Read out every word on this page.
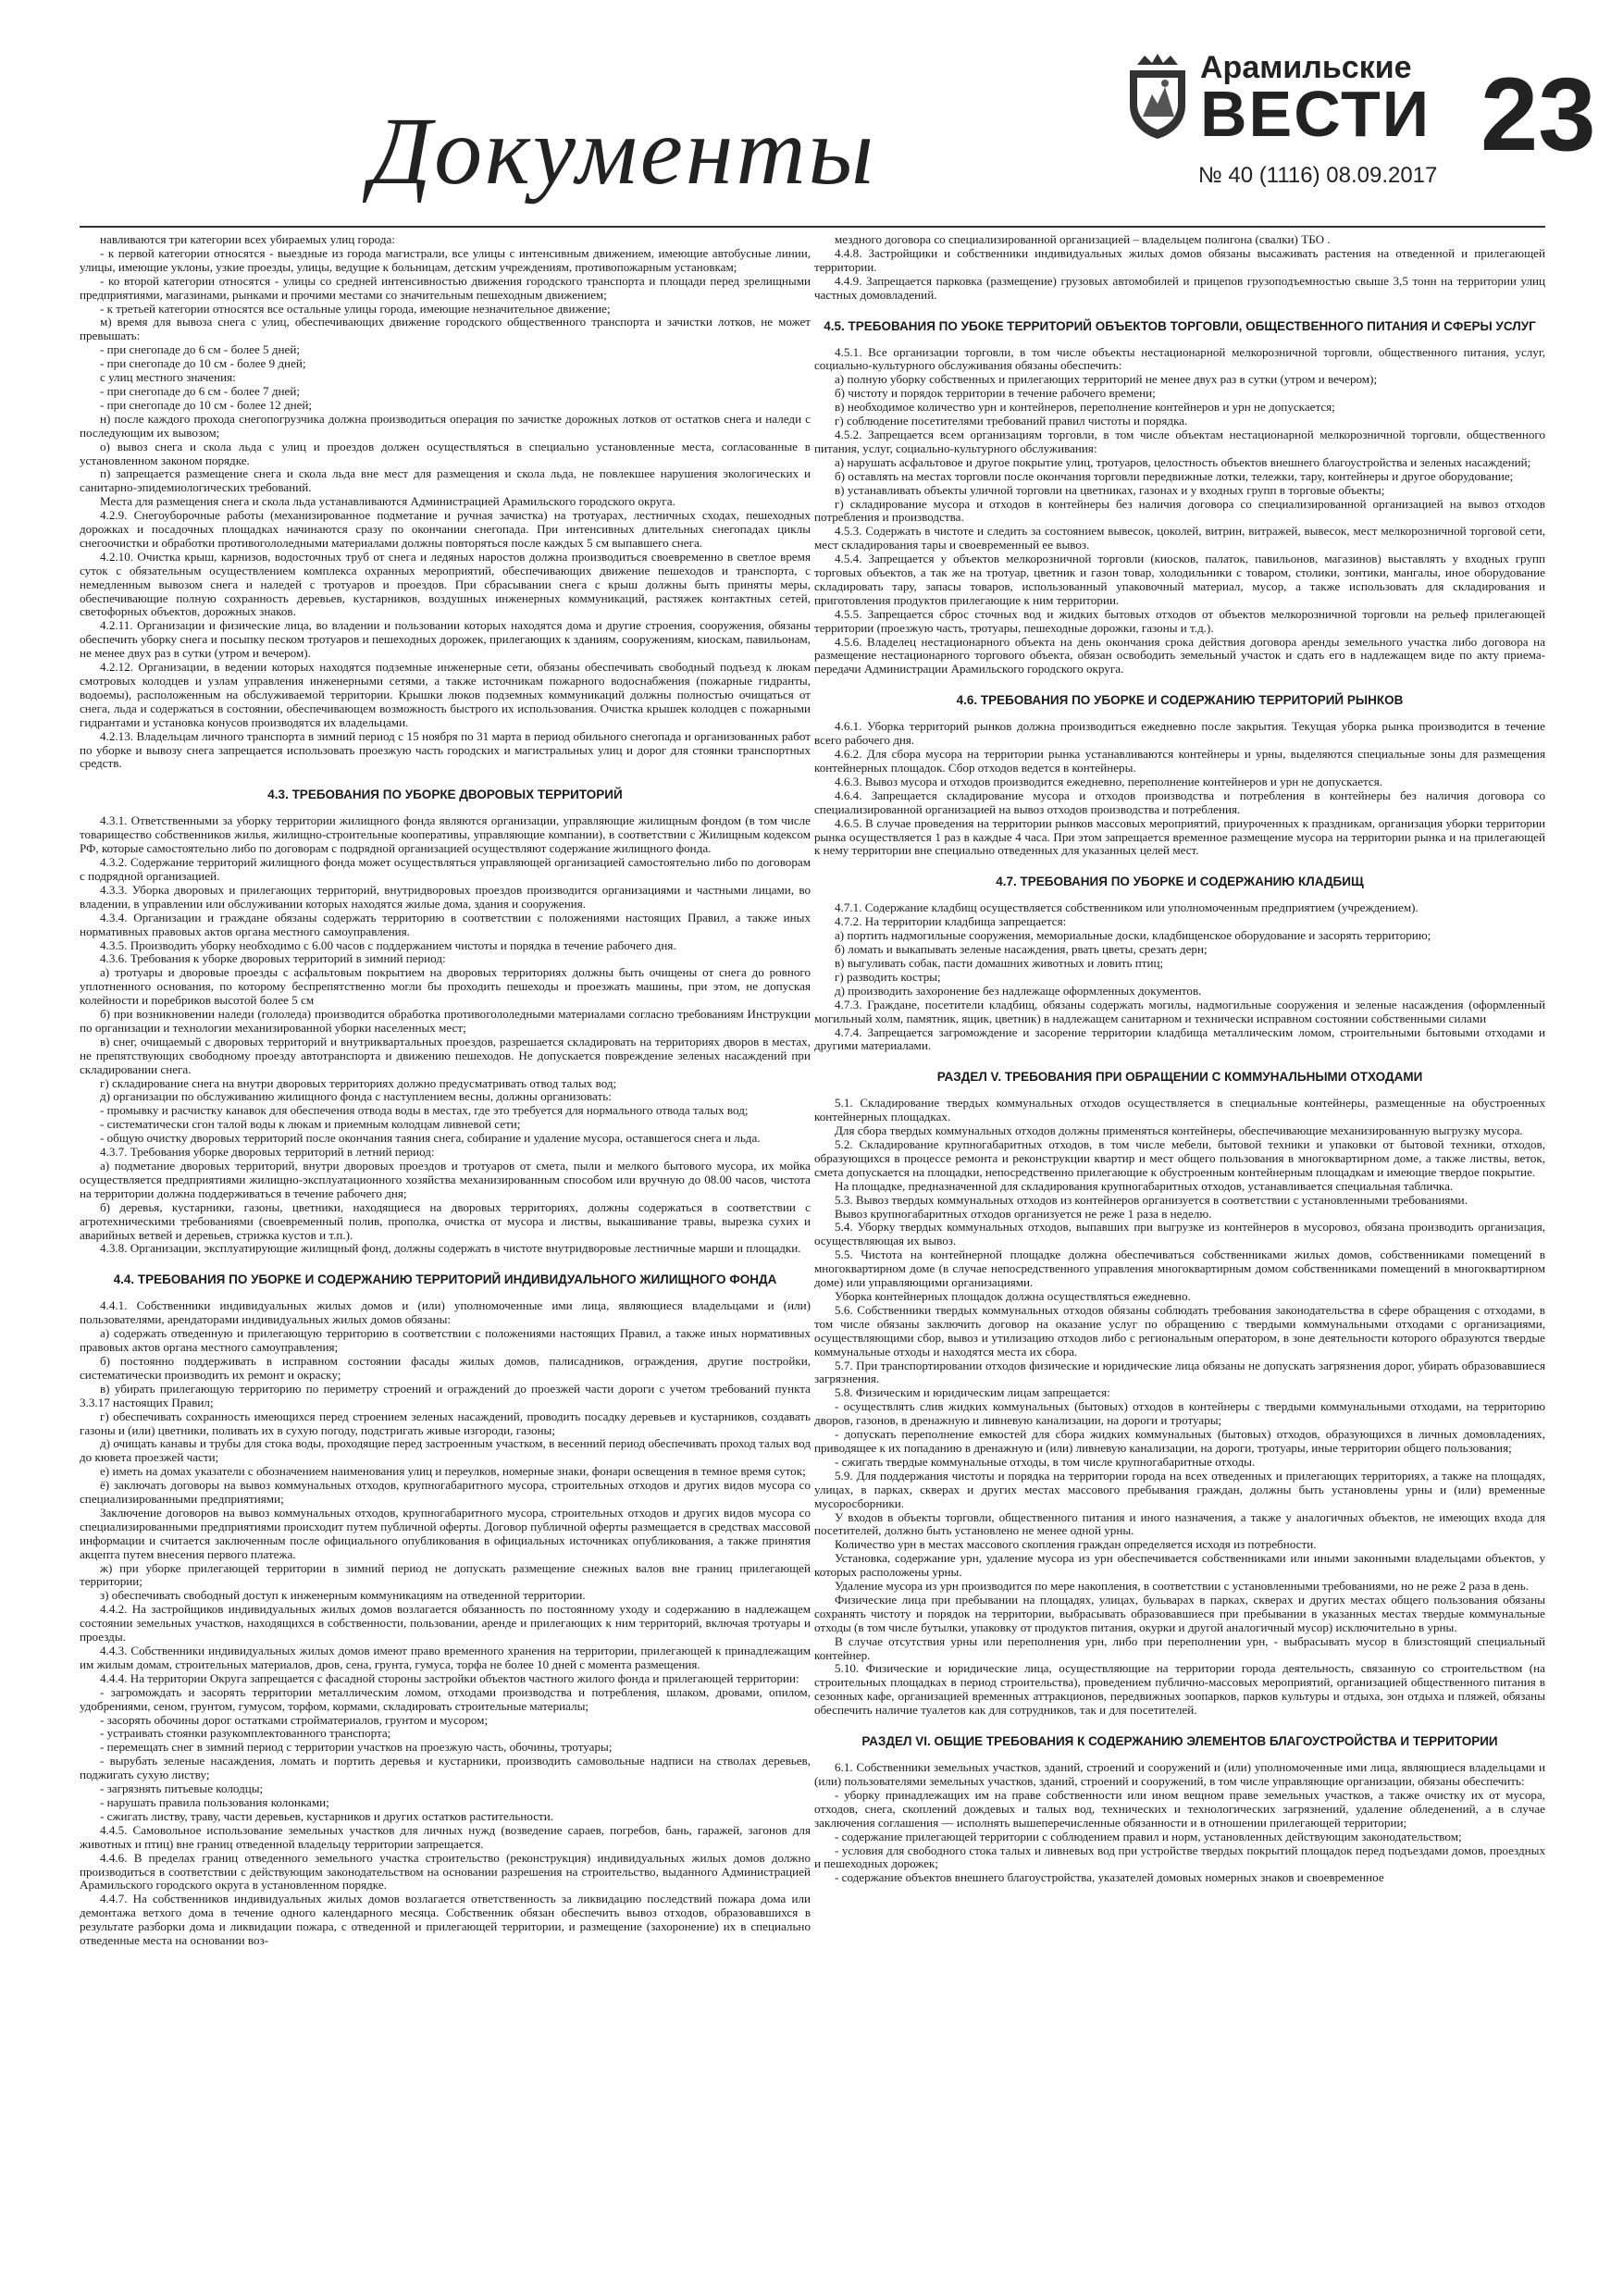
Документы
Арамильские
ВЕСТИ
№ 40 (1116) 08.09.2017
23

навливаются три категории всех убираемых улиц города:

- к первой категории относятся - выездные из города магистрали, все улицы с интенсивным движением, имеющие автобусные линии, улицы, имеющие уклоны, узкие проезды, улицы, ведущие к больницам, детским учреждениям, противопожарным установкам;

- ко второй категории относятся - улицы со средней интенсивностью движения городского транспорта и площади перед зрелищными предприятиями, магазинами, рынками и прочими местами со значительным пешеходным движением;

- к третьей категории относятся все остальные улицы города, имеющие незначительное движение;

м) время для вывоза снега с улиц, обеспечивающих движение городского общественного транспорта и зачистки лотков, не может превышать:

- при снегопаде до 6 см - более 5 дней;

- при снегопаде до 10 см - более 9 дней;

с улиц местного значения:

- при снегопаде до 6 см - более 7 дней;

- при снегопаде до 10 см - более 12 дней;

н) после каждого прохода снегопогрузчика должна производиться операция по зачистке дорожных лотков от остатков снега и наледи с последующим их вывозом;

о) вывоз снега и скола льда с улиц и проездов должен осуществляться в специально установленные места, согласованные в установленном законом порядке.

п) запрещается размещение снега и скола льда вне мест для размещения и скола льда, не повлекшее нарушения экологических и санитарно-эпидемиологических требований.

Места для размещения снега и скола льда устанавливаются Администрацией Арамильского городского округа.

4.2.9. Снегоуборочные работы (механизированное подметание и ручная зачистка) на тротуарах, лестничных сходах, пешеходных дорожках и посадочных площадках начинаются сразу по окончании снегопада. При интенсивных длительных снегопадах циклы снегоочистки и обработки противогололедными материалами должны повторяться после каждых 5 см выпавшего снега.

4.2.10. Очистка крыш, карнизов, водосточных труб от снега и ледяных наростов должна производиться своевременно в светлое время суток с обязательным осуществлением комплекса охранных мероприятий, обеспечивающих движение пешеходов и транспорта, с немедленным вывозом снега и наледей с тротуаров и проездов. При сбрасывании снега с крыш должны быть приняты меры, обеспечивающие полную сохранность деревьев, кустарников, воздушных инженерных коммуникаций, растяжек контактных сетей, светофорных объектов, дорожных знаков.

4.2.11. Организации и физические лица, во владении и пользовании которых находятся дома и другие строения, сооружения, обязаны обеспечить уборку снега и посыпку песком тротуаров и пешеходных дорожек, прилегающих к зданиям, сооружениям, киоскам, павильонам, не менее двух раз в сутки (утром и вечером).

4.2.12. Организации, в ведении которых находятся подземные инженерные сети, обязаны обеспечивать свободный подъезд к люкам смотровых колодцев и узлам управления инженерными сетями, а также источникам пожарного водоснабжения (пожарные гидранты, водоемы), расположенным на обслуживаемой территории. Крышки люков подземных коммуникаций должны полностью очищаться от снега, льда и содержаться в состоянии, обеспечивающем возможность быстрого их использования. Очистка крышек колодцев с пожарными гидрантами и установка конусов производятся их владельцами.

4.2.13. Владельцам личного транспорта в зимний период с 15 ноября по 31 марта в период обильного снегопада и организованных работ по уборке и вывозу снега запрещается использовать проезжую часть городских и магистральных улиц и дорог для стоянки транспортных средств.

4.3. ТРЕБОВАНИЯ ПО УБОРКЕ ДВОРОВЫХ ТЕРРИТОРИЙ

4.3.1. Ответственными за уборку территории жилищного фонда являются организации, управляющие жилищным фондом (в том числе товарищество собственников жилья, жилищно-строительные кооперативы, управляющие компании), в соответствии с Жилищным кодексом РФ, которые самостоятельно либо по договорам с подрядной организацией осуществляют содержание жилищного фонда.

4.3.2. Содержание территорий жилищного фонда может осуществляться управляющей организацией самостоятельно либо по договорам с подрядной организацией.

4.3.3. Уборка дворовых и прилегающих территорий, внутридворовых проездов производится организациями и частными лицами, во владении, в управлении или обслуживании которых находятся жилые дома, здания и сооружения.

4.3.4. Организации и граждане обязаны содержать территорию в соответствии с положениями настоящих Правил, а также иных нормативных правовых актов органа местного самоуправления.

4.3.5. Производить уборку необходимо с 6.00 часов с поддержанием чистоты и порядка в течение рабочего дня.

4.3.6. Требования к уборке дворовых территорий в зимний период:

а) тротуары и дворовые проезды с асфальтовым покрытием на дворовых территориях должны быть очищены от снега до ровного уплотненного основания, по которому беспрепятственно могли бы проходить пешеходы и проезжать машины, при этом, не допуская колейности и поребриков высотой более 5 см

б) при возникновении наледи (гололеда) производится обработка противогололедными материалами согласно требованиям Инструкции по организации и технологии механизированной уборки населенных мест;

в) снег, очищаемый с дворовых территорий и внутриквартальных проездов, разрешается складировать на территориях дворов в местах, не препятствующих свободному проезду автотранспорта и движению пешеходов. Не допускается повреждение зеленых насаждений при складировании снега.

г) складирование снега на внутри дворовых территориях должно предусматривать отвод талых вод;

д) организации по обслуживанию жилищного фонда с наступлением весны, должны организовать:

- промывку и расчистку канавок для обеспечения отвода воды в местах, где это требуется для нормального отвода талых вод;

- систематически сгон талой воды к люкам и приемным колодцам ливневой сети;

- общую очистку дворовых территорий после окончания таяния снега, собирание и удаление мусора, оставшегося снега и льда.

4.3.7. Требования уборке дворовых территорий в летний период:

а) подметание дворовых территорий, внутри дворовых проездов и тротуаров от смета, пыли и мелкого бытового мусора, их мойка осуществляется предприятиями жилищно-эксплуатационного хозяйства механизированным способом или вручную до 08.00 часов, чистота на территории должна поддерживаться в течение рабочего дня;

б) деревья, кустарники, газоны, цветники, находящиеся на дворовых территориях, должны содержаться в соответствии с агротехническими требованиями (своевременный полив, прополка, очистка от мусора и листвы, выкашивание травы, вырезка сухих и аварийных ветвей и деревьев, стрижка кустов и т.п.).

4.3.8. Организации, эксплуатирующие жилищный фонд, должны содержать в чистоте внутридворовые лестничные марши и площадки.

4.4. ТРЕБОВАНИЯ ПО УБОРКЕ И СОДЕРЖАНИЮ ТЕРРИТОРИЙ ИНДИВИДУАЛЬНОГО ЖИЛИЩНОГО ФОНДА

4.4.1. Собственники индивидуальных жилых домов и (или) уполномоченные ими лица, являющиеся владельцами и (или) пользователями, арендаторами индивидуальных жилых домов обязаны:

а) содержать отведенную и прилегающую территорию в соответствии с положениями настоящих Правил, а также иных нормативных правовых актов органа местного самоуправления;

б) постоянно поддерживать в исправном состоянии фасады жилых домов, палисадников, ограждения, другие постройки, систематически производить их ремонт и окраску;

в) убирать прилегающую территорию по периметру строений и ограждений до проезжей части дороги с учетом требований пункта 3.3.17 настоящих Правил;

г) обеспечивать сохранность имеющихся перед строением зеленых насаждений, проводить посадку деревьев и кустарников, создавать газоны и (или) цветники, поливать их в сухую погоду, подстригать живые изгороди, газоны;

д) очищать канавы и трубы для стока воды, проходящие перед застроенным участком, в весенний период обеспечивать проход талых вод до кювета проезжей части;

е) иметь на домах указатели с обозначением наименования улиц и переулков, номерные знаки, фонари освещения в темное время суток;

ё) заключать договоры на вывоз коммунальных отходов, крупногабаритного мусора, строительных отходов и других видов мусора со специализированными предприятиями;

Заключение договоров на вывоз коммунальных отходов, крупногабаритного мусора, строительных отходов и других видов мусора со специализированными предприятиями происходит путем публичной оферты. Договор публичной оферты размещается в средствах массовой информации и считается заключенным после официального опубликования в официальных источниках опубликования, а также принятия акцепта путем внесения первого платежа.

ж) при уборке прилегающей территории в зимний период не допускать размещение снежных валов вне границ прилегающей территории;

з) обеспечивать свободный доступ к инженерным коммуникациям на отведенной территории.

4.4.2. На застройщиков индивидуальных жилых домов возлагается обязанность по постоянному уходу и содержанию в надлежащем состоянии земельных участков, находящихся в собственности, пользовании, аренде и прилегающих к ним территорий, включая тротуары и проезды.

4.4.3. Собственники индивидуальных жилых домов имеют право временного хранения на территории, прилегающей к принадлежащим им жилым домам, строительных материалов, дров, сена, грунта, гумуса, торфа не более 10 дней с момента размещения.

4.4.4. На территории Округа запрещается с фасадной стороны застройки объектов частного жилого фонда и прилегающей территории:

- загромождать и засорять территории металлическим ломом, отходами производства и потребления, шлаком, дровами, опилом, удобрениями, сеном, грунтом, гумусом, торфом, кормами, складировать строительные материалы;

- засорять обочины дорог остатками стройматериалов, грунтом и мусором;

- устраивать стоянки разукомплектованного транспорта;

- перемещать снег в зимний период с территории участков на проезжую часть, обочины, тротуары;

- вырубать зеленые насаждения, ломать и портить деревья и кустарники, производить самовольные надписи на стволах деревьев, поджигать сухую листву;

- загрязнять питьевые колодцы;

- нарушать правила пользования колонками;

- сжигать листву, траву, части деревьев, кустарников и других остатков растительности.

4.4.5. Самовольное использование земельных участков для личных нужд (возведение сараев, погребов, бань, гаражей, загонов для животных и птиц) вне границ отведенной владельцу территории запрещается.

4.4.6. В пределах границ отведенного земельного участка строительство (реконструкция) индивидуальных жилых домов должно производиться в соответствии с действующим законодательством на основании разрешения на строительство, выданного Администрацией Арамильского городского округа в установленном порядке.

4.4.7. На собственников индивидуальных жилых домов возлагается ответственность за ликвидацию последствий пожара дома или демонтажа ветхого дома в течение одного календарного месяца. Собственник обязан обеспечить вывоз отходов, образовавшихся в результате разборки дома и ликвидации пожара, с отведенной и прилегающей территории, и размещение (захоронение) их в специально отведенные места на основании воз-

мездного договора со специализированной организацией – владельцем полигона (свалки) ТБО .

4.4.8. Застройщики и собственники индивидуальных жилых домов обязаны высаживать растения на отведенной и прилегающей территории.

4.4.9. Запрещается парковка (размещение) грузовых автомобилей и прицепов грузоподъемностью свыше 3,5 тонн на территории улиц частных домовладений.

4.5. ТРЕБОВАНИЯ ПО УБОКЕ ТЕРРИТОРИЙ ОБЪЕКТОВ ТОРГОВЛИ, ОБЩЕСТВЕННОГО ПИТАНИЯ И СФЕРЫ УСЛУГ

4.5.1. Все организации торговли, в том числе объекты нестационарной мелкорозничной торговли, общественного питания, услуг, социально-культурного обслуживания обязаны обеспечить:

а) полную уборку собственных и прилегающих территорий не менее двух раз в сутки (утром и вечером);

б) чистоту и порядок территории в течение рабочего времени;

в) необходимое количество урн и контейнеров, переполнение контейнеров и урн не допускается;

г) соблюдение посетителями требований правил чистоты и порядка.

4.5.2. Запрещается всем организациям торговли, в том числе объектам нестационарной мелкорозничной торговли, общественного питания, услуг, социально-культурного обслуживания:

а) нарушать асфальтовое и другое покрытие улиц, тротуаров, целостность объектов внешнего благоустройства и зеленых насаждений;

б) оставлять на местах торговли после окончания торговли передвижные лотки, тележки, тару, контейнеры и другое оборудование;

в) устанавливать объекты уличной торговли на цветниках, газонах и у входных групп в торговые объекты;

г) складирование мусора и отходов в контейнеры без наличия договора со специализированной организацией на вывоз отходов потребления и производства.

4.5.3. Содержать в чистоте и следить за состоянием вывесок, цоколей, витрин, витражей, вывесок, мест мелкорозничной торговой сети, мест складирования тары и своевременный ее вывоз.

4.5.4. Запрещается у объектов мелкорозничной торговли (киосков, палаток, павильонов, магазинов) выставлять у входных групп торговых объектов, а так же на тротуар, цветник и газон товар, холодильники с товаром, столики, зонтики, мангалы, иное оборудование складировать тару, запасы товаров, использованный упаковочный материал, мусор, а также использовать для складирования и приготовления продуктов прилегающие к ним территории.

4.5.5. Запрещается сброс сточных вод и жидких бытовых отходов от объектов мелкорозничной торговли на рельеф прилегающей территории (проезжую часть, тротуары, пешеходные дорожки, газоны и т.д.).

4.5.6. Владелец нестационарного объекта на день окончания срока действия договора аренды земельного участка либо договора на размещение нестационарного торгового объекта, обязан освободить земельный участок и сдать его в надлежащем виде по акту приема-передачи Администрации Арамильского городского округа.

4.6. ТРЕБОВАНИЯ ПО УБОРКЕ И СОДЕРЖАНИЮ ТЕРРИТОРИЙ РЫНКОВ

4.6.1. Уборка территорий рынков должна производиться ежедневно после закрытия. Текущая уборка рынка производится в течение всего рабочего дня.

4.6.2. Для сбора мусора на территории рынка устанавливаются контейнеры и урны, выделяются специальные зоны для размещения контейнерных площадок. Сбор отходов ведется в контейнеры.

4.6.3. Вывоз мусора и отходов производится ежедневно, переполнение контейнеров и урн не допускается.

4.6.4. Запрещается складирование мусора и отходов производства и потребления в контейнеры без наличия договора со специализированной организацией на вывоз отходов производства и потребления.

4.6.5. В случае проведения на территории рынков массовых мероприятий, приуроченных к праздникам, организация уборки территории рынка осуществляется 1 раз в каждые 4 часа. При этом запрещается временное размещение мусора на территории рынка и на прилегающей к нему территории вне специально отведенных для указанных целей мест.

4.7. ТРЕБОВАНИЯ ПО УБОРКЕ И СОДЕРЖАНИЮ КЛАДБИЩ

4.7.1. Содержание кладбищ осуществляется собственником или уполномоченным предприятием (учреждением).

4.7.2. На территории кладбища запрещается:

а) портить надмогильные сооружения, мемориальные доски, кладбищенское оборудование и засорять территорию;

б) ломать и выкапывать зеленые насаждения, рвать цветы, срезать дерн;

в) выгуливать собак, пасти домашних животных и ловить птиц;

г) разводить костры;

д) производить захоронение без надлежаще оформленных документов.

4.7.3. Граждане, посетители кладбищ, обязаны содержать могилы, надмогильные сооружения и зеленые насаждения (оформленный могильный холм, памятник, ящик, цветник) в надлежащем санитарном и технически исправном состоянии собственными силами

4.7.4. Запрещается загромождение и засорение территории кладбища металлическим ломом, строительными бытовыми отходами и другими материалами.

РАЗДЕЛ V. ТРЕБОВАНИЯ ПРИ ОБРАЩЕНИИ С КОММУНАЛЬНЫМИ ОТХОДАМИ

5.1. Складирование твердых коммунальных отходов осуществляется в специальные контейнеры, размещенные на обустроенных контейнерных площадках.

Для сбора твердых коммунальных отходов должны применяться контейнеры, обеспечивающие механизированную выгрузку мусора.

5.2. Складирование крупногабаритных отходов, в том числе мебели, бытовой техники и упаковки от бытовой техники, отходов, образующихся в процессе ремонта и реконструкции квартир и мест общего пользования в многоквартирном доме, а также листвы, веток, смета допускается на площадки, непосредственно прилегающие к обустроенным контейнерным площадкам и имеющие твердое покрытие.

На площадке, предназначенной для складирования крупногабаритных отходов, устанавливается специальная табличка.

5.3. Вывоз твердых коммунальных отходов из контейнеров организуется в соответствии с установленными требованиями.

Вывоз крупногабаритных отходов организуется не реже 1 раза в неделю.

5.4. Уборку твердых коммунальных отходов, выпавших при выгрузке из контейнеров в мусоровоз, обязана производить организация, осуществляющая их вывоз.

5.5. Чистота на контейнерной площадке должна обеспечиваться собственниками жилых домов, собственниками помещений в многоквартирном доме (в случае непосредственного управления многоквартирным домом собственниками помещений в многоквартирном доме) или управляющими организациями.

Уборка контейнерных площадок должна осуществляться ежедневно.

5.6. Собственники твердых коммунальных отходов обязаны соблюдать требования законодательства в сфере обращения с отходами, в том числе обязаны заключить договор на оказание услуг по обращению с твердыми коммунальными отходами с организациями, осуществляющими сбор, вывоз и утилизацию отходов либо с региональным оператором, в зоне деятельности которого образуются твердые коммунальные отходы и находятся места их сбора.

5.7. При транспортировании отходов физические и юридические лица обязаны не допускать загрязнения дорог, убирать образовавшиеся загрязнения.

5.8. Физическим и юридическим лицам запрещается:

- осуществлять слив жидких коммунальных (бытовых) отходов в контейнеры с твердыми коммунальными отходами, на территорию дворов, газонов, в дренажную и ливневую канализации, на дороги и тротуары;

- допускать переполнение емкостей для сбора жидких коммунальных (бытовых) отходов, образующихся в личных домовладениях, приводящее к их попаданию в дренажную и (или) ливневую канализации, на дороги, тротуары, иные территории общего пользования;

- сжигать твердые коммунальные отходы, в том числе крупногабаритные отходы.

5.9. Для поддержания чистоты и порядка на территории города на всех отведенных и прилегающих территориях, а также на площадях, улицах, в парках, скверах и других местах массового пребывания граждан, должны быть установлены урны и (или) временные мусоросборники.

У входов в объекты торговли, общественного питания и иного назначения, а также у аналогичных объектов, не имеющих входа для посетителей, должно быть установлено не менее одной урны.

Количество урн в местах массового скопления граждан определяется исходя из потребности.

Установка, содержание урн, удаление мусора из урн обеспечивается собственниками или иными законными владельцами объектов, у которых расположены урны.

Удаление мусора из урн производится по мере накопления, в соответствии с установленными требованиями, но не реже 2 раза в день.

Физические лица при пребывании на площадях, улицах, бульварах в парках, скверах и других местах общего пользования обязаны сохранять чистоту и порядок на территории, выбрасывать образовавшиеся при пребывании в указанных местах твердые коммунальные отходы (в том числе бутылки, упаковку от продуктов питания, окурки и другой аналогичный мусор) исключительно в урны.

В случае отсутствия урны или переполнения урн, либо при переполнении урн, - выбрасывать мусор в близстоящий специальный контейнер.

5.10. Физические и юридические лица, осуществляющие на территории города деятельность, связанную со строительством (на строительных площадках в период строительства), проведением публично-массовых мероприятий, организацией общественного питания в сезонных кафе, организацией временных аттракционов, передвижных зоопарков, парков культуры и отдыха, зон отдыха и пляжей, обязаны обеспечить наличие туалетов как для сотрудников, так и для посетителей.

РАЗДЕЛ VI. ОБЩИЕ ТРЕБОВАНИЯ К СОДЕРЖАНИЮ ЭЛЕМЕНТОВ БЛАГОУСТРОЙСТВА И ТЕРРИТОРИИ

6.1. Собственники земельных участков, зданий, строений и сооружений и (или) уполномоченные ими лица, являющиеся владельцами и (или) пользователями земельных участков, зданий, строений и сооружений, в том числе управляющие организации, обязаны обеспечить:

- уборку принадлежащих им на праве собственности или ином вещном праве земельных участков, а также очистку их от мусора, отходов, снега, скоплений дождевых и талых вод, технических и технологических загрязнений, удаление обледенений, а в случае заключения соглашения — исполнять вышеперечисленные обязанности и в отношении прилегающей территории;

- содержание прилегающей территории с соблюдением правил и норм, установленных действующим законодательством;

- условия для свободного стока талых и ливневых вод при устройстве твердых покрытий площадок перед подъездами домов, проездных и пешеходных дорожек;

- содержание объектов внешнего благоустройства, указателей домовых номерных знаков и своевременное
